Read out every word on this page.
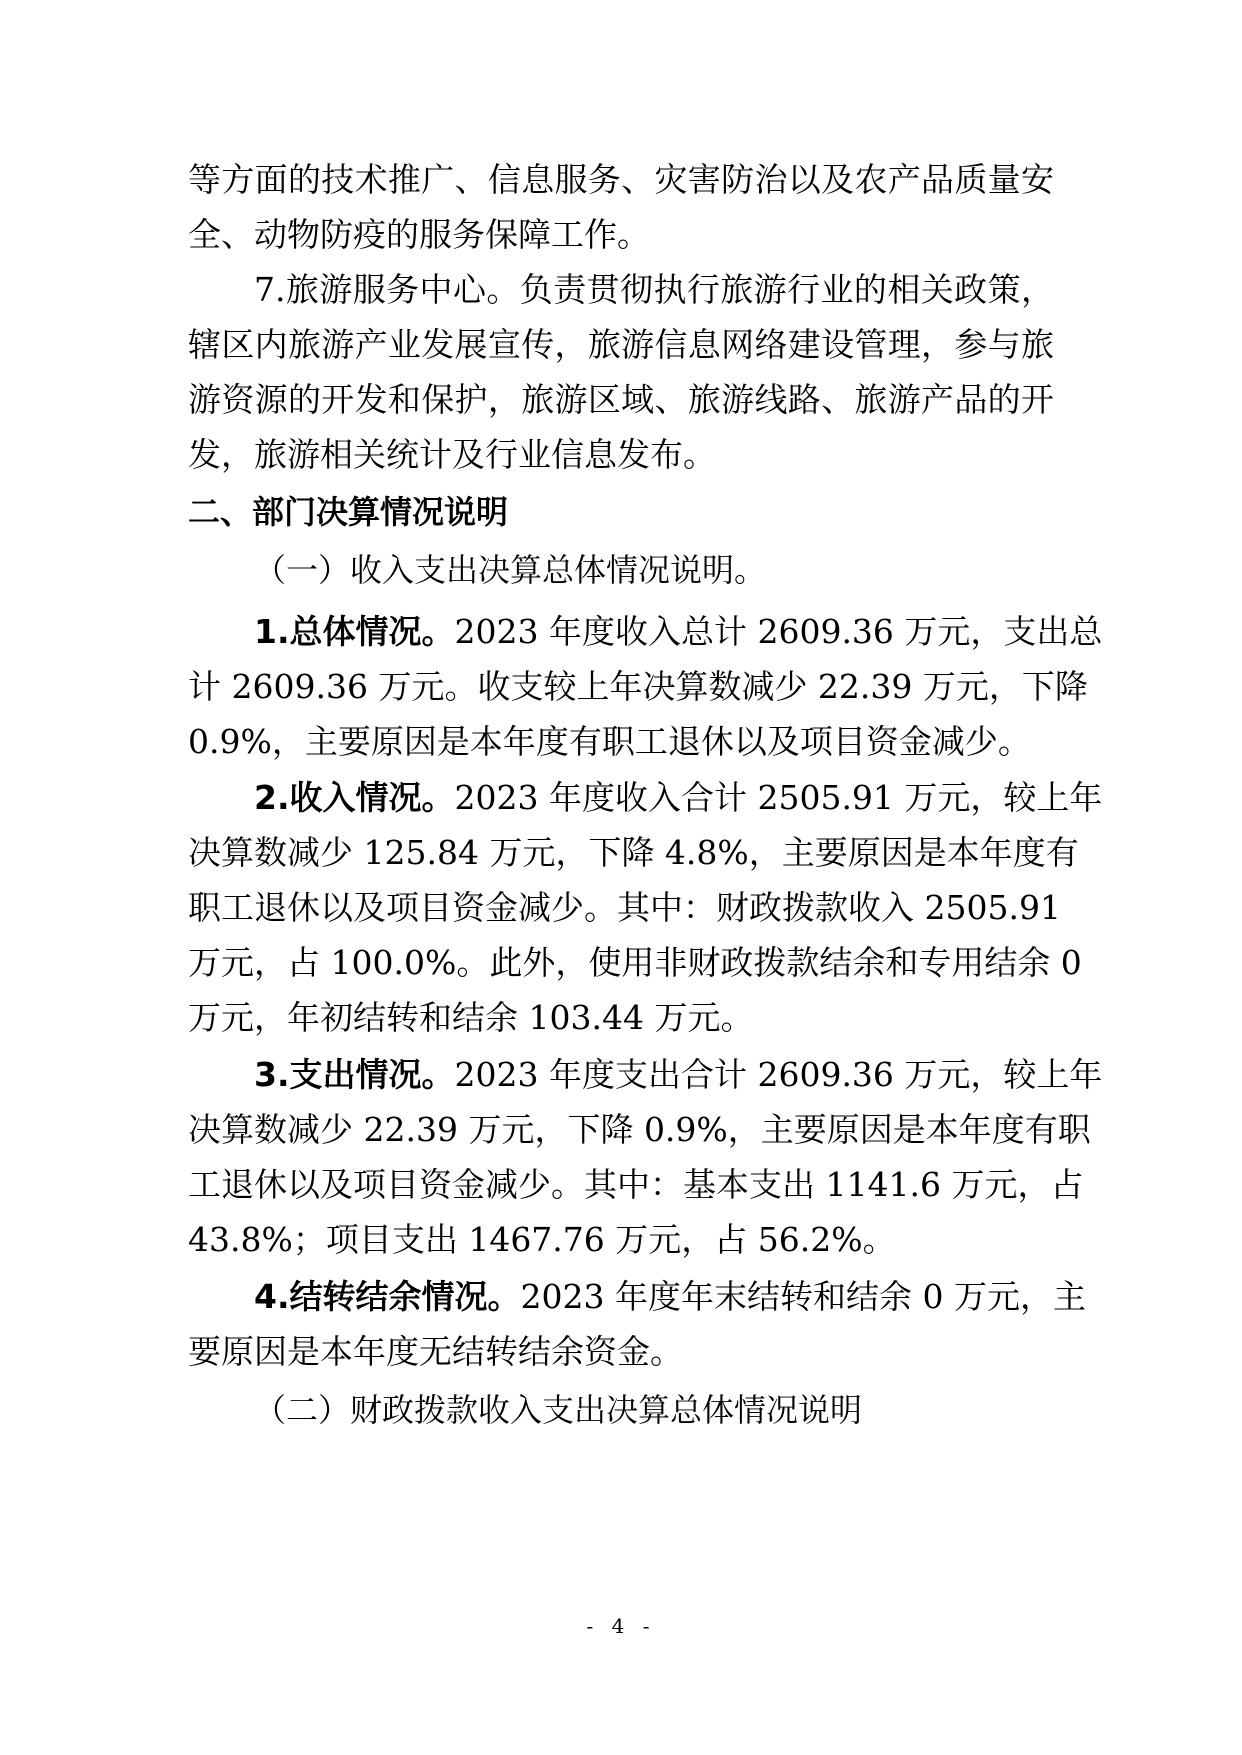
等方面的技术推广、信息服务、灾害防治以及农产品质量安
全、动物防疫的服务保障工作。
7.旅游服务中心。负责贯彻执行旅游行业的相关政策，
辖区内旅游产业发展宣传，旅游信息网络建设管理，参与旅
游资源的开发和保护，旅游区域、旅游线路、旅游产品的开
发，旅游相关统计及行业信息发布。
二、部门决算情况说明
（一）收入支出决算总体情况说明。
1.总体情况。2023 年度收入总计 2609.36 万元，支出总
计 2609.36 万元。收支较上年决算数减少 22.39 万元，下降
0.9%，主要原因是本年度有职工退休以及项目资金减少。
2.收入情况。2023 年度收入合计 2505.91 万元，较上年
决算数减少 125.84 万元，下降 4.8%，主要原因是本年度有
职工退休以及项目资金减少。其中：财政拨款收入 2505.91
万元，占 100.0%。此外，使用非财政拨款结余和专用结余 0
万元，年初结转和结余 103.44 万元。
3.支出情况。2023 年度支出合计 2609.36 万元，较上年
决算数减少 22.39 万元，下降 0.9%，主要原因是本年度有职
工退休以及项目资金减少。其中：基本支出 1141.6 万元，占
43.8%；项目支出 1467.76 万元，占 56.2%。
4.结转结余情况。2023 年度年末结转和结余 0 万元，主
要原因是本年度无结转结余资金。
（二）财政拨款收入支出决算总体情况说明
- 4 -
